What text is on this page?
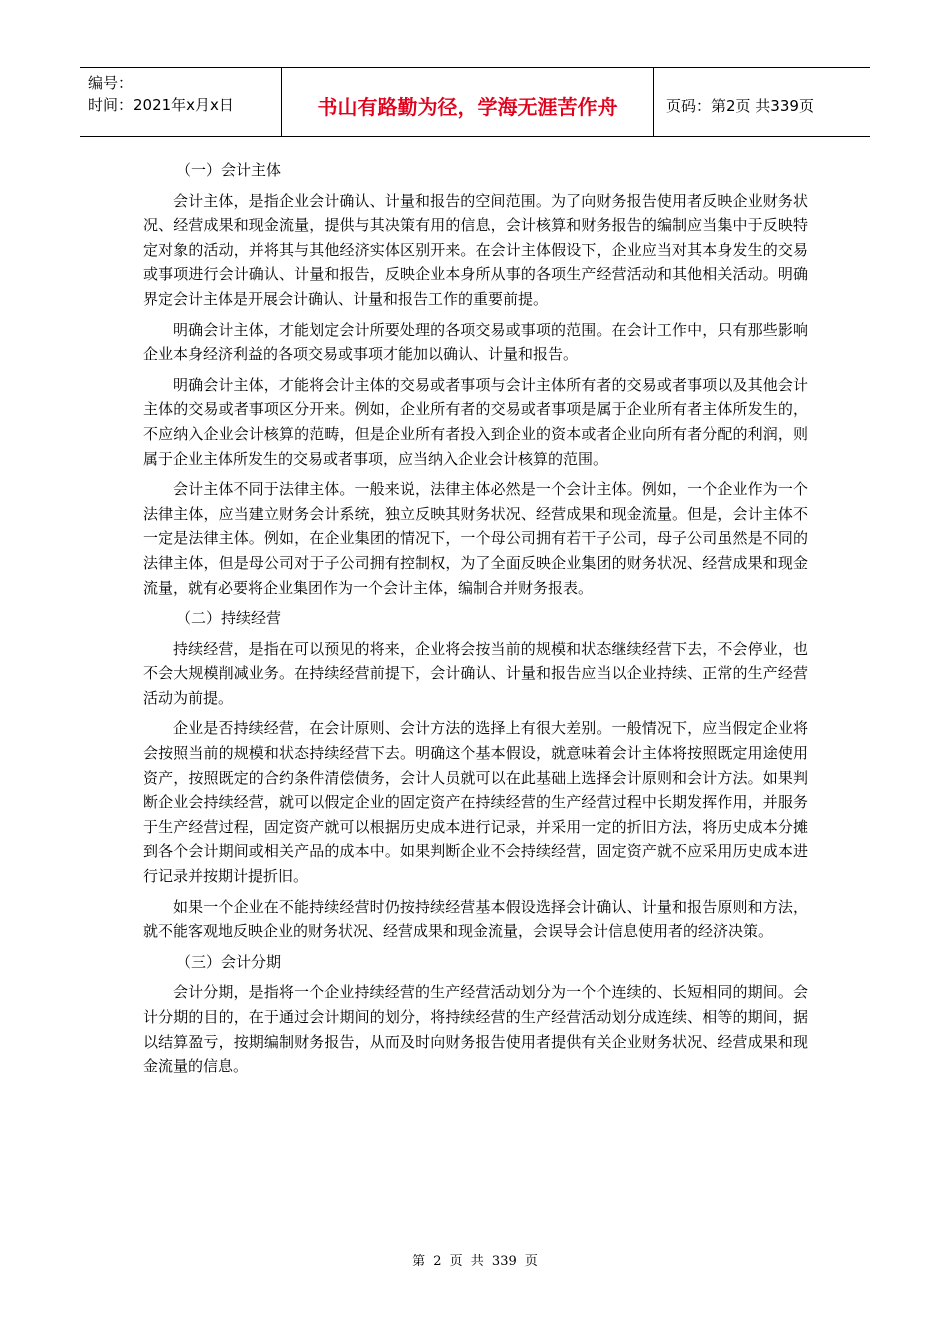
编号：
时间：2021年x月x日	书山有路勤为径，学海无涯苦作舟	页码：第2页 共339页

（一）会计主体

会计主体，是指企业会计确认、计量和报告的空间范围。为了向财务报告使用者反映企业财务状况、经营成果和现金流量，提供与其决策有用的信息，会计核算和财务报告的编制应当集中于反映特定对象的活动，并将其与其他经济实体区别开来。在会计主体假设下，企业应当对其本身发生的交易或事项进行会计确认、计量和报告，反映企业本身所从事的各项生产经营活动和其他相关活动。明确界定会计主体是开展会计确认、计量和报告工作的重要前提。

明确会计主体，才能划定会计所要处理的各项交易或事项的范围。在会计工作中，只有那些影响企业本身经济利益的各项交易或事项才能加以确认、计量和报告。

明确会计主体，才能将会计主体的交易或者事项与会计主体所有者的交易或者事项以及其他会计主体的交易或者事项区分开来。例如，企业所有者的交易或者事项是属于企业所有者主体所发生的，不应纳入企业会计核算的范畴，但是企业所有者投入到企业的资本或者企业向所有者分配的利润，则属于企业主体所发生的交易或者事项，应当纳入企业会计核算的范围。

会计主体不同于法律主体。一般来说，法律主体必然是一个会计主体。例如，一个企业作为一个法律主体，应当建立财务会计系统，独立反映其财务状况、经营成果和现金流量。但是，会计主体不一定是法律主体。例如，在企业集团的情况下，一个母公司拥有若干子公司，母子公司虽然是不同的法律主体，但是母公司对于子公司拥有控制权，为了全面反映企业集团的财务状况、经营成果和现金流量，就有必要将企业集团作为一个会计主体，编制合并财务报表。

（二）持续经营

持续经营，是指在可以预见的将来，企业将会按当前的规模和状态继续经营下去，不会停业，也不会大规模削减业务。在持续经营前提下，会计确认、计量和报告应当以企业持续、正常的生产经营活动为前提。

企业是否持续经营，在会计原则、会计方法的选择上有很大差别。一般情况下，应当假定企业将会按照当前的规模和状态持续经营下去。明确这个基本假设，就意味着会计主体将按照既定用途使用资产，按照既定的合约条件清偿债务，会计人员就可以在此基础上选择会计原则和会计方法。如果判断企业会持续经营，就可以假定企业的固定资产在持续经营的生产经营过程中长期发挥作用，并服务于生产经营过程，固定资产就可以根据历史成本进行记录，并采用一定的折旧方法，将历史成本分摊到各个会计期间或相关产品的成本中。如果判断企业不会持续经营，固定资产就不应采用历史成本进行记录并按期计提折旧。

如果一个企业在不能持续经营时仍按持续经营基本假设选择会计确认、计量和报告原则和方法，就不能客观地反映企业的财务状况、经营成果和现金流量，会误导会计信息使用者的经济决策。

（三）会计分期

会计分期，是指将一个企业持续经营的生产经营活动划分为一个个连续的、长短相同的期间。会计分期的目的，在于通过会计期间的划分，将持续经营的生产经营活动划分成连续、相等的期间，据以结算盈亏，按期编制财务报告，从而及时向财务报告使用者提供有关企业财务状况、经营成果和现金流量的信息。

第 2 页 共 339 页
